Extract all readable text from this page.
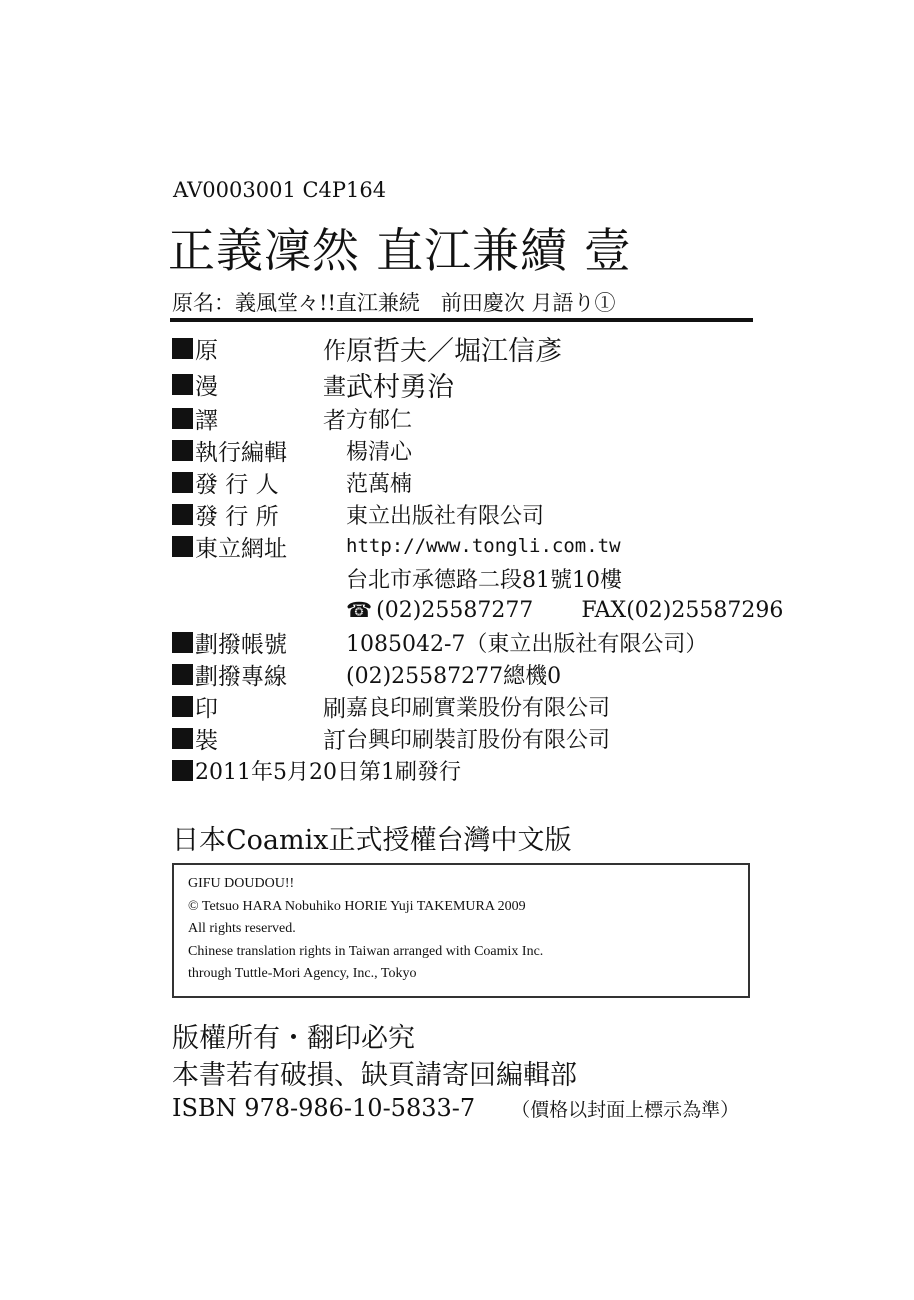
AV0003001 C4P164
正義凜然 直江兼續 壹
原名：義風堂々!!直江兼続　前田慶次 月語り①
原	作 原哲夫／堀江信彥
漫	畫 武村勇治
譯	者 方郁仁
執行編輯	楊清心
發 行 人	范萬楠
發 行 所	東立出版社有限公司
東立網址	http://www.tongli.com.tw
台北市承德路二段81號10樓
☎ (02)25587277 FAX(02)25587296
劃撥帳號	1085042-7（東立出版社有限公司）
劃撥專線	(02)25587277總機0
印	刷 嘉良印刷實業股份有限公司
裝	訂 台興印刷裝訂股份有限公司
2011年5月20日第1刷發行
日本Coamix正式授權台灣中文版
GIFU DOUDOU!!
© Tetsuo HARA Nobuhiko HORIE Yuji TAKEMURA 2009
All rights reserved.
Chinese translation rights in Taiwan arranged with Coamix Inc.
through Tuttle-Mori Agency, Inc., Tokyo
版權所有・翻印必究
本書若有破損、缺頁請寄回編輯部
ISBN 978-986-10-5833-7 （價格以封面上標示為準）
